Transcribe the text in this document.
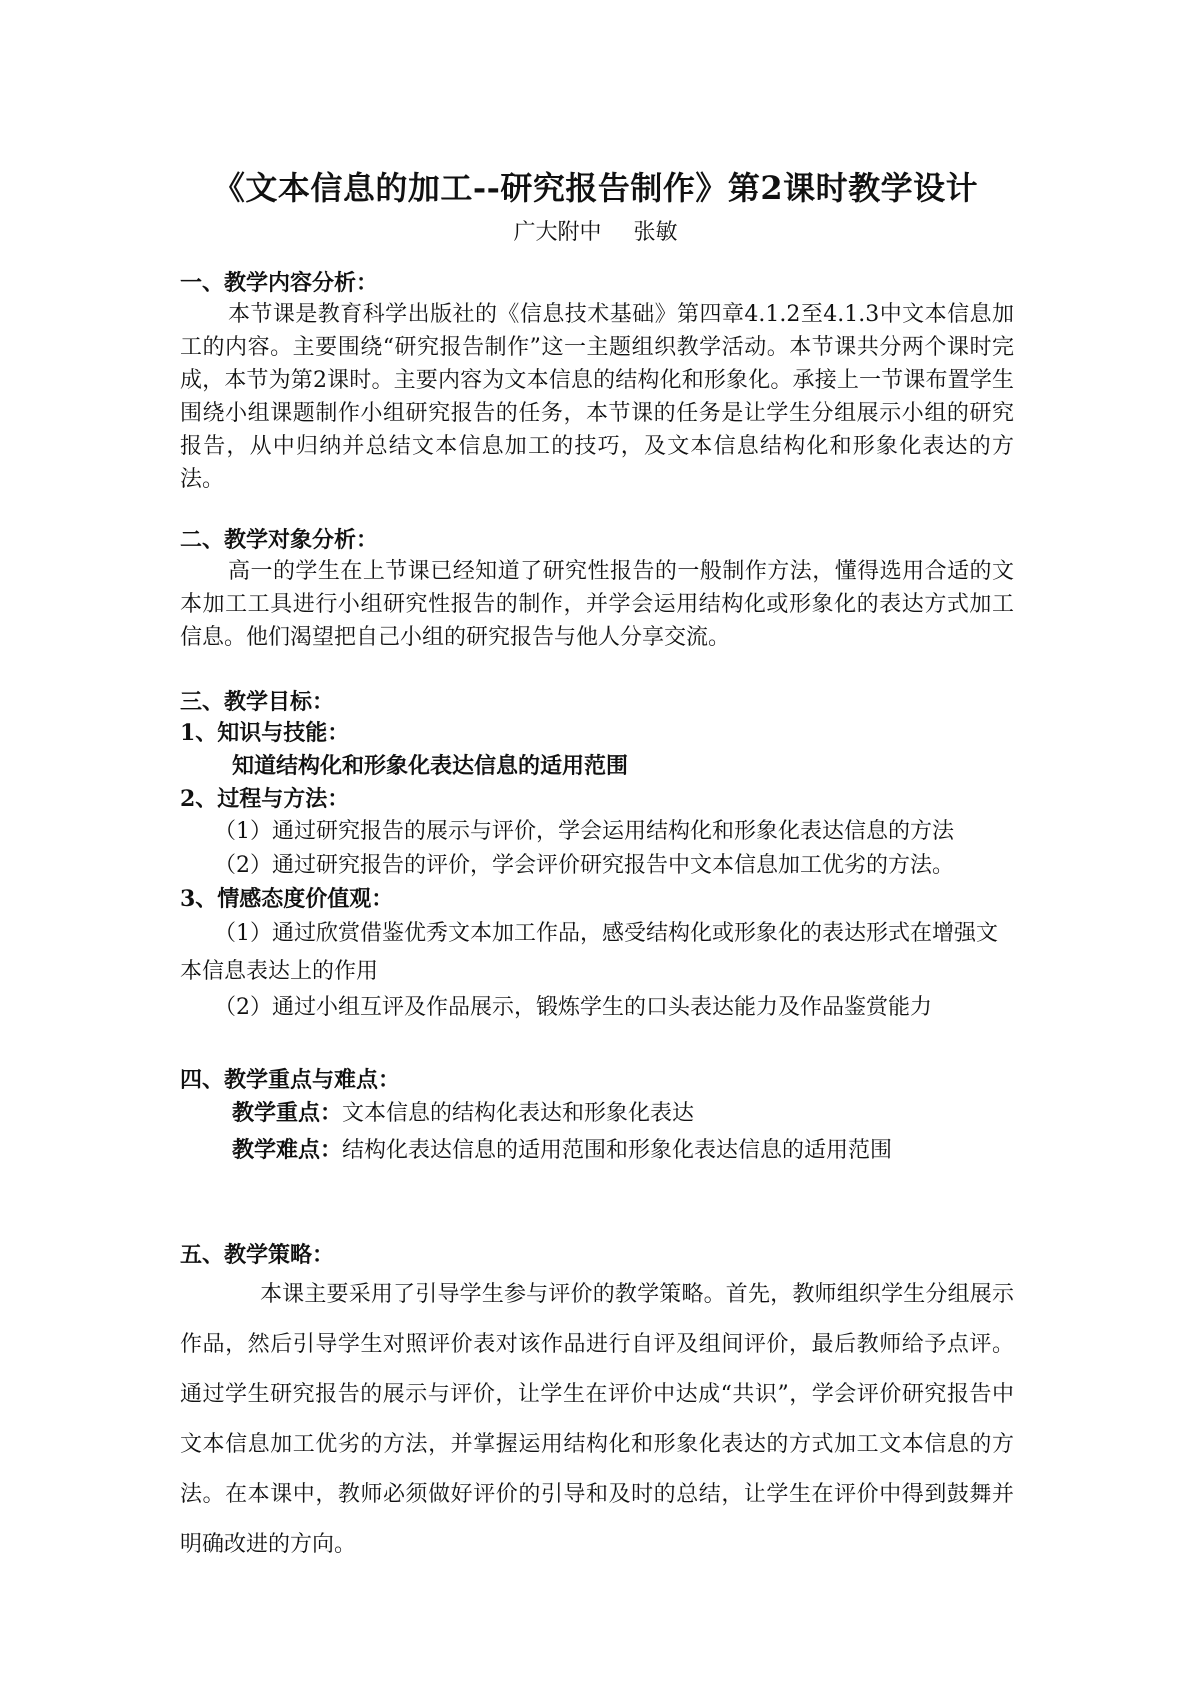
《文本信息的加工--研究报告制作》第2课时教学设计
广大附中 张敏
一、教学内容分析：
本节课是教育科学出版社的《信息技术基础》第四章4.1.2至4.1.3中文本信息加工的内容。主要围绕“研究报告制作”这一主题组织教学活动。本节课共分两个课时完成，本节为第2课时。主要内容为文本信息的结构化和形象化。承接上一节课布置学生围绕小组课题制作小组研究报告的任务，本节课的任务是让学生分组展示小组的研究报告，从中归纳并总结文本信息加工的技巧，及文本信息结构化和形象化表达的方法。
二、教学对象分析：
高一的学生在上节课已经知道了研究性报告的一般制作方法，懂得选用合适的文本加工工具进行小组研究性报告的制作，并学会运用结构化或形象化的表达方式加工信息。他们渴望把自己小组的研究报告与他人分享交流。
三、教学目标：
1、知识与技能：
知道结构化和形象化表达信息的适用范围
2、过程与方法：
（1）通过研究报告的展示与评价，学会运用结构化和形象化表达信息的方法
（2）通过研究报告的评价，学会评价研究报告中文本信息加工优劣的方法。
3、情感态度价值观：
（1）通过欣赏借鉴优秀文本加工作品，感受结构化或形象化的表达形式在增强文本信息表达上的作用
（2）通过小组互评及作品展示，锻炼学生的口头表达能力及作品鉴赏能力
四、教学重点与难点：
教学重点：文本信息的结构化表达和形象化表达
教学难点：结构化表达信息的适用范围和形象化表达信息的适用范围
五、教学策略：
本课主要采用了引导学生参与评价的教学策略。首先，教师组织学生分组展示作品，然后引导学生对照评价表对该作品进行自评及组间评价，最后教师给予点评。通过学生研究报告的展示与评价，让学生在评价中达成“共识”，学会评价研究报告中文本信息加工优劣的方法，并掌握运用结构化和形象化表达的方式加工文本信息的方法。在本课中，教师必须做好评价的引导和及时的总结，让学生在评价中得到鼓舞并明确改进的方向。
